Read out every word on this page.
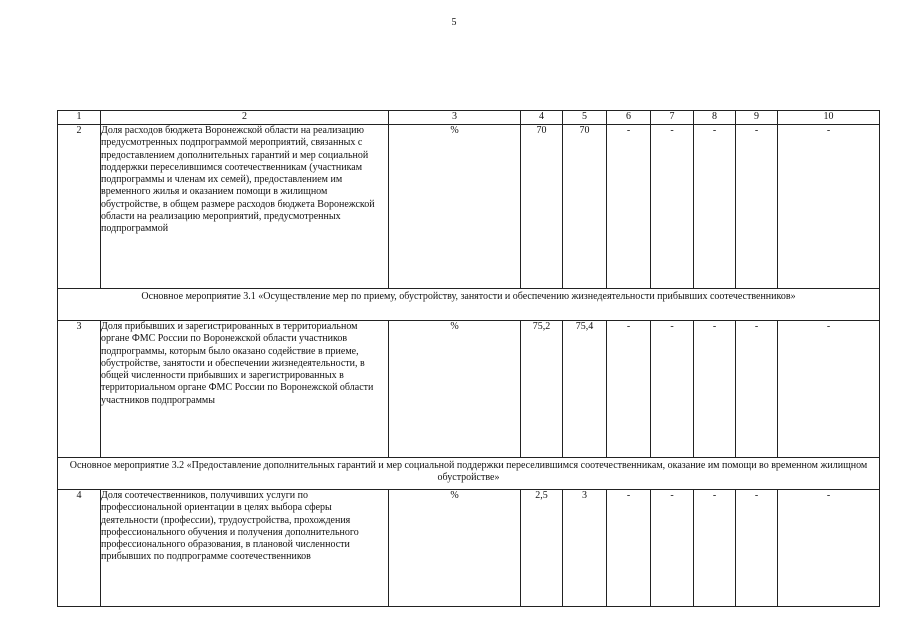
5
1	2	3	4	5	6	7	8	9	10
2	Доля расходов бюджета Воронежской области на реализацию предусмотренных подпрограммой мероприятий, связанных с предоставлением дополнительных гарантий и мер социальной поддержки переселившимся соотечественникам (участникам подпрограммы и членам их семей), предоставлением им временного жилья и оказанием помощи в жилищном обустройстве, в общем размере расходов бюджета Воронежской области на реализацию мероприятий, предусмотренных подпрограммой	%	70	70	-	-	-	-	-
Основное мероприятие 3.1 «Осуществление мер по приему, обустройству, занятости и обеспечению жизнедеятельности прибывших соотечественников»									
3	Доля прибывших и зарегистрированных в территориальном органе ФМС России по Воронежской области участников подпрограммы, которым было оказано содействие в приеме, обустройстве, занятости и обеспечении жизнедеятельности, в общей численности прибывших и зарегистрированных в территориальном органе ФМС России по Воронежской области участников подпрограммы	%	75,2	75,4	-	-	-	-	-
Основное мероприятие 3.2 «Предоставление дополнительных гарантий и мер социальной поддержки переселившимся соотечественникам, оказание им помощи во временном жилищном обустройстве»									
4	Доля соотечественников, получивших услуги по профессиональной ориентации в целях выбора сферы деятельности (профессии), трудоустройства, прохождения профессионального обучения и получения дополнительного профессионального образования, в плановой численности прибывших по подпрограмме соотечественников	%	2,5	3	-	-	-	-	-
